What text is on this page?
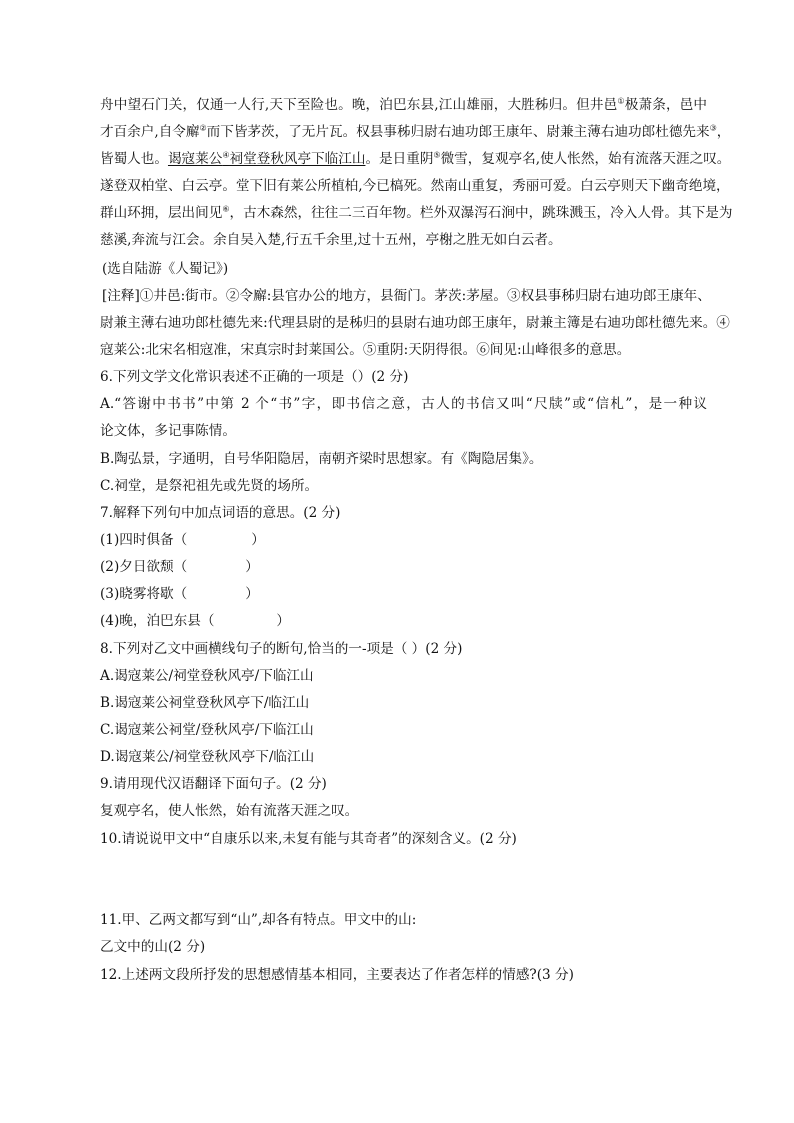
舟中望石门关，仅通一人行,天下至险也。晚，泊巴东县,江山雄丽，大胜秭归。但井邑①极萧条，邑中
才百余户,自令廨②而下皆茅茨，了无片瓦。权县事秭归尉右迪功郎王康年、尉兼主薄右迪功郎杜德先来③，
皆蜀人也。谒寇莱公④祠堂登秋风亭下临江山。是日重阴⑤微雪，复观亭名,使人怅然，始有流落天涯之叹。
遂登双柏堂、白云亭。堂下旧有莱公所植柏,今已槁死。然南山重复，秀丽可爱。白云亭则天下幽奇绝境，
群山环拥，层出间见⑥，古木森然，往往二三百年物。栏外双瀑泻石涧中，跳珠溅玉，冷入人骨。其下是为
慈溪,奔流与江会。余自吴入楚,行五千余里,过十五州，亭榭之胜无如白云者。
(选自陆游《人蜀记》)
[注释]①井邑:街市。②令廨:县官办公的地方，县衙门。茅茨:茅屋。③权县事秭归尉右迪功郎王康年、
尉兼主薄右迪功郎杜德先来:代理县尉的是秭归的县尉右迪功郎王康年，尉兼主簿是右迪功郎杜德先来。④
寇莱公:北宋名相寇准，宋真宗时封莱国公。⑤重阴:天阴得很。⑥间见:山峰很多的意思。
6.下列文学文化常识表述不正确的一项是（）(2 分)
A.“答谢中书书”中第 2 个“书”字，即书信之意，古人的书信又叫“尺牍”或“信札”，是一种议
论文体，多记事陈情。
B.陶弘景，字通明，自号华阳隐居，南朝齐梁时思想家。有《陶隐居集》。
C.祠堂，是祭祀祖先或先贤的场所。
7.解释下列句中加点词语的意思。(2 分)
(1)四时俱备（	）
(2)夕日欲颓（	）
(3)晓雾将歇（	）
(4)晚，泊巴东县（	）
8.下列对乙文中画横线句子的断句,恰当的一-项是（ ）(2 分)
A.谒寇莱公/祠堂登秋风亭/下临江山
B.谒寇莱公祠堂登秋风亭下/临江山
C.谒寇莱公祠堂/登秋风亭/下临江山
D.谒寇莱公/祠堂登秋风亭下/临江山
9.请用现代汉语翻译下面句子。(2 分)
复观亭名，使人怅然，始有流落天涯之叹。
10.请说说甲文中“自康乐以来,未复有能与其奇者”的深刻含义。(2 分)
11.甲、乙两文都写到“山”,却各有特点。甲文中的山:
乙文中的山(2 分)
12.上述两文段所抒发的思想感情基本相同，主要表达了作者怎样的情感?(3 分)
